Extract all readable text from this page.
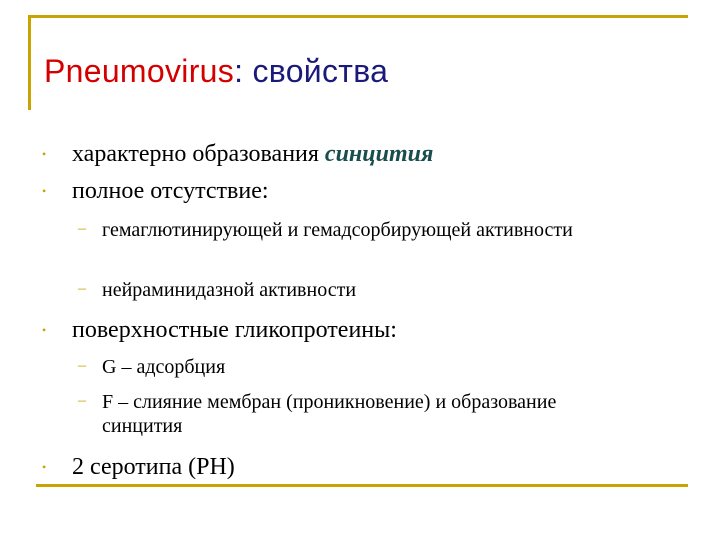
Pneumovirus: свойства
•	характерно образования синцития
•	полное отсутствие:
– гемаглютинирующей и гемадсорбирующей активности
– нейраминидазной активности
•	поверхностные гликопротеины:
– G – адсорбция
– F – слияние мембран (проникновение) и образование синцития
•	2 серотипа (РН)
